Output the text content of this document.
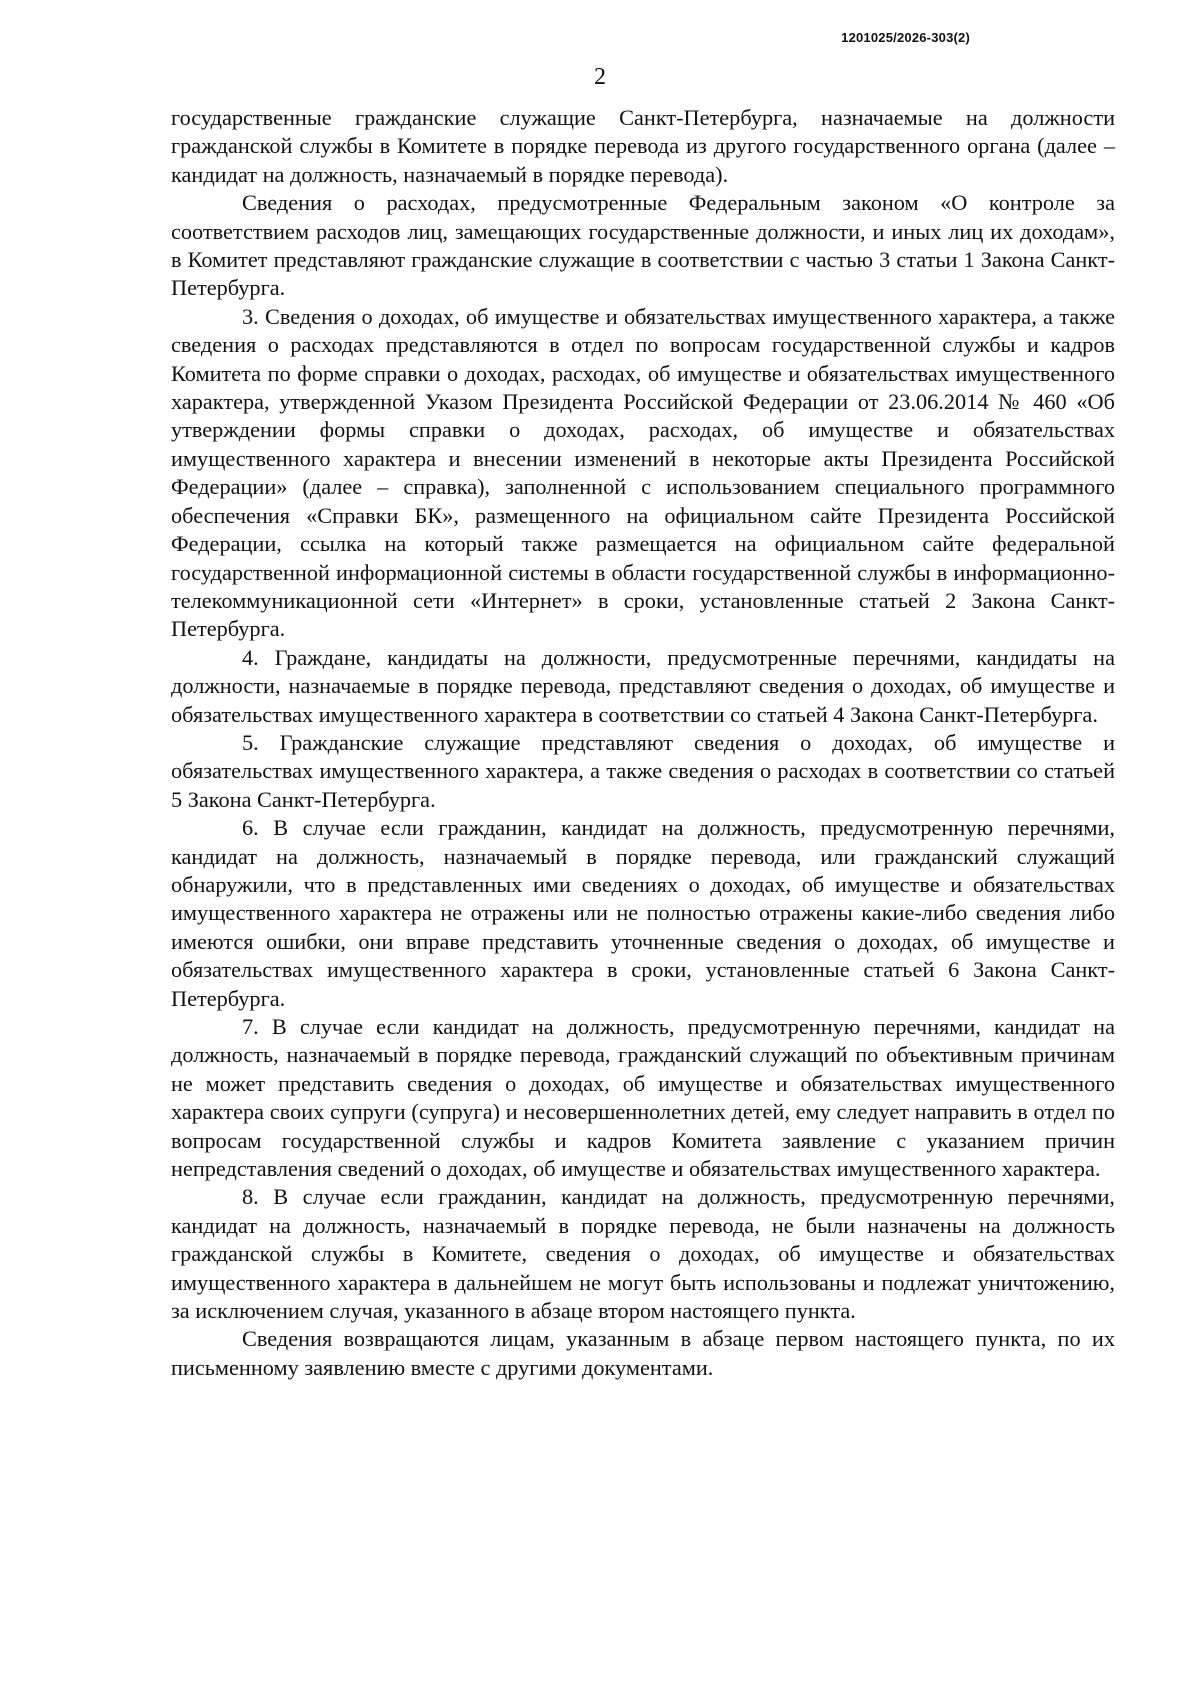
1201025/2026-303(2)
2

государственные гражданские служащие Санкт-Петербурга, назначаемые на должности гражданской службы в Комитете в порядке перевода из другого государственного органа (далее – кандидат на должность, назначаемый в порядке перевода).

Сведения о расходах, предусмотренные Федеральным законом «О контроле за соответствием расходов лиц, замещающих государственные должности, и иных лиц их доходам», в Комитет представляют гражданские служащие в соответствии с частью 3 статьи 1 Закона Санкт-Петербурга.

3. Сведения о доходах, об имуществе и обязательствах имущественного характера, а также сведения о расходах представляются в отдел по вопросам государственной службы и кадров Комитета по форме справки о доходах, расходах, об имуществе и обязательствах имущественного характера, утвержденной Указом Президента Российской Федерации от 23.06.2014 № 460 «Об утверждении формы справки о доходах, расходах, об имуществе и обязательствах имущественного характера и внесении изменений в некоторые акты Президента Российской Федерации» (далее – справка), заполненной с использованием специального программного обеспечения «Справки БК», размещенного на официальном сайте Президента Российской Федерации, ссылка на который также размещается на официальном сайте федеральной государственной информационной системы в области государственной службы в информационно-телекоммуникационной сети «Интернет» в сроки, установленные статьей 2 Закона Санкт-Петербурга.

4. Граждане, кандидаты на должности, предусмотренные перечнями, кандидаты на должности, назначаемые в порядке перевода, представляют сведения о доходах, об имуществе и обязательствах имущественного характера в соответствии со статьей 4 Закона Санкт-Петербурга.

5. Гражданские служащие представляют сведения о доходах, об имуществе и обязательствах имущественного характера, а также сведения о расходах в соответствии со статьей 5 Закона Санкт-Петербурга.

6. В случае если гражданин, кандидат на должность, предусмотренную перечнями, кандидат на должность, назначаемый в порядке перевода, или гражданский служащий обнаружили, что в представленных ими сведениях о доходах, об имуществе и обязательствах имущественного характера не отражены или не полностью отражены какие-либо сведения либо имеются ошибки, они вправе представить уточненные сведения о доходах, об имуществе и обязательствах имущественного характера в сроки, установленные статьей 6 Закона Санкт-Петербурга.

7. В случае если кандидат на должность, предусмотренную перечнями, кандидат на должность, назначаемый в порядке перевода, гражданский служащий по объективным причинам не может представить сведения о доходах, об имуществе и обязательствах имущественного характера своих супруги (супруга) и несовершеннолетних детей, ему следует направить в отдел по вопросам государственной службы и кадров Комитета заявление с указанием причин непредставления сведений о доходах, об имуществе и обязательствах имущественного характера.

8. В случае если гражданин, кандидат на должность, предусмотренную перечнями, кандидат на должность, назначаемый в порядке перевода, не были назначены на должность гражданской службы в Комитете, сведения о доходах, об имуществе и обязательствах имущественного характера в дальнейшем не могут быть использованы и подлежат уничтожению, за исключением случая, указанного в абзаце втором настоящего пункта.

Сведения возвращаются лицам, указанным в абзаце первом настоящего пункта, по их письменному заявлению вместе с другими документами.
